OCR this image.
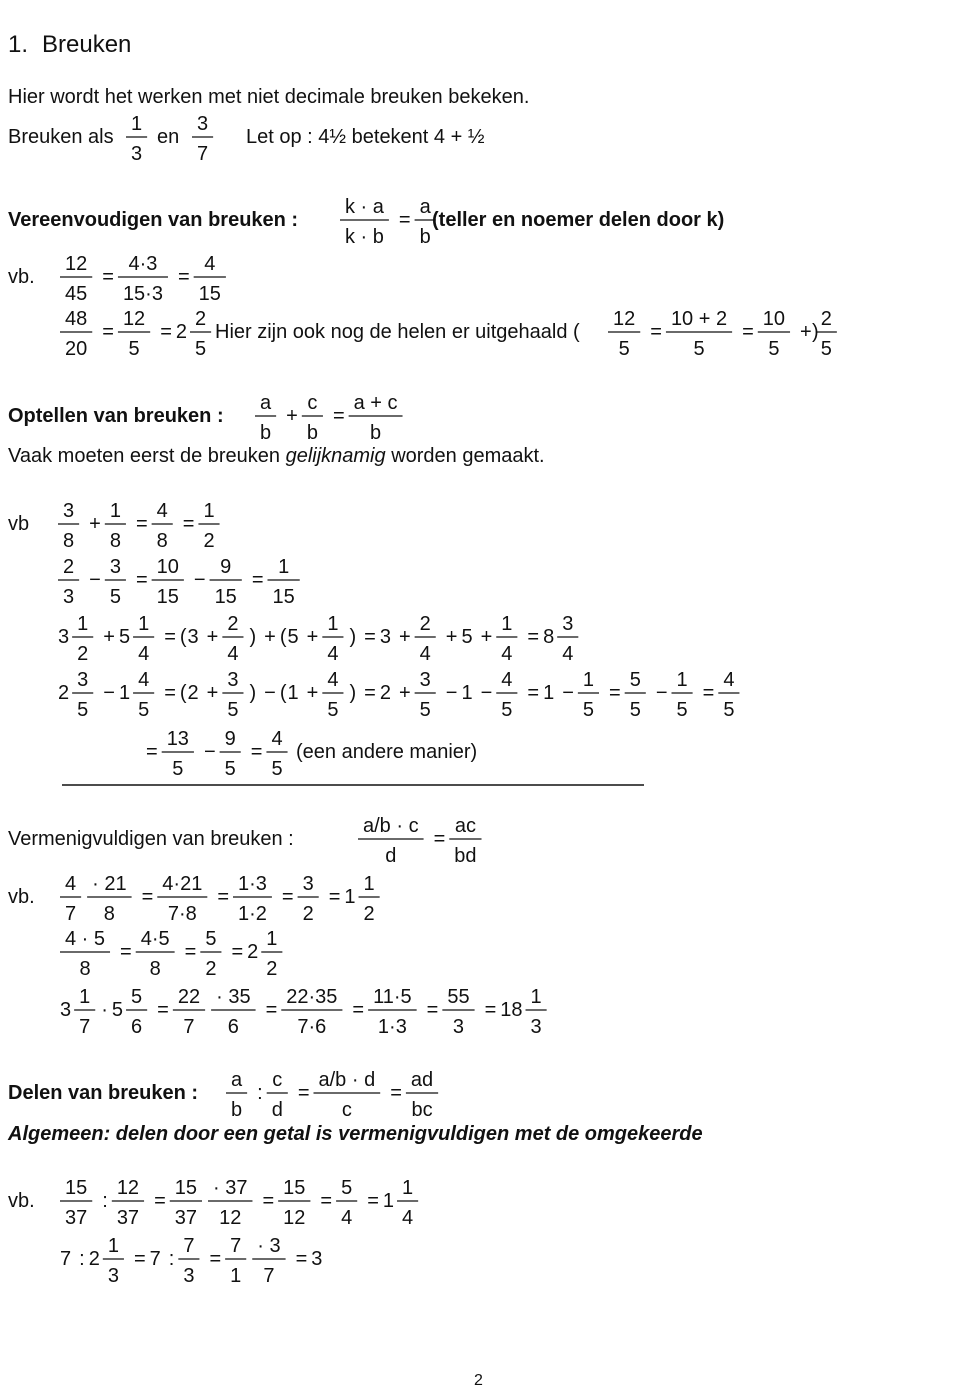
1. Breuken
Hier wordt het werken met niet decimale breuken bekeken.
Breuken als en	Let op : 4½ betekent 4 + ½
Vereenvoudigen van breuken :	(teller en noemer delen door k)
vb.
Hier zijn ook nog de helen er uitgehaald (	)
Optellen van breuken :
Vaak moeten eerst de breuken gelijknamig worden gemaakt.
vb
(een andere manier)
Vermenigvuldigen van breuken :
vb.
Delen van breuken :
Algemeen: delen door een getal is vermenigvuldigen met de omgekeerde
vb.
2
1
3
3
7
k · a
k · b
=
a
b
12
45
=
4·3
15·3
=
4
15
48
20
=
12
5
= 2
2
5
12
5
=
10 + 2
5
=
10
5
+
2
5
a
b
+
c
b
=
a + c
b
3
8
+
1
8
=
4
8
=
1
2
2
3
−
3
5
=
10
15
−
9
15
=
1
15
3
1
2
+ 5
1
4
= ( 3 +
2
4
) + ( 5 +
1
4
) = 3 +
2
4
+ 5 +
1
4
= 8
3
4
2
3
5
− 1
4
5
= ( 2 +
3
5
) − ( 1 +
4
5
) = 2 +
3
5
− 1 −
4
5
= 1 −
1
5
=
5
5
−
1
5
=
4
5
=
13
5
−
9
5
=
4
5
a/b · c
d
=
ac
bd
4
7
· 21
8
=
4·21
7·8
=
1·3
1·2
=
3
2
= 1
1
2
4 · 5
8
=
4·5
8
=
5
2
= 2
1
2
3
1
7
· 5
5
6
=
22
7
· 35
6
=
22·35
7·6
=
11·5
1·3
=
55
3
= 18
1
3
a
b
:
c
d
=
a/b · d
c
=
ad
bc
15
37
:
12
37
=
15
37
· 37
12
=
15
12
=
5
4
= 1
1
4
7 : 2
1
3
= 7 :
7
3
=
7
1
· 3
7
= 3
